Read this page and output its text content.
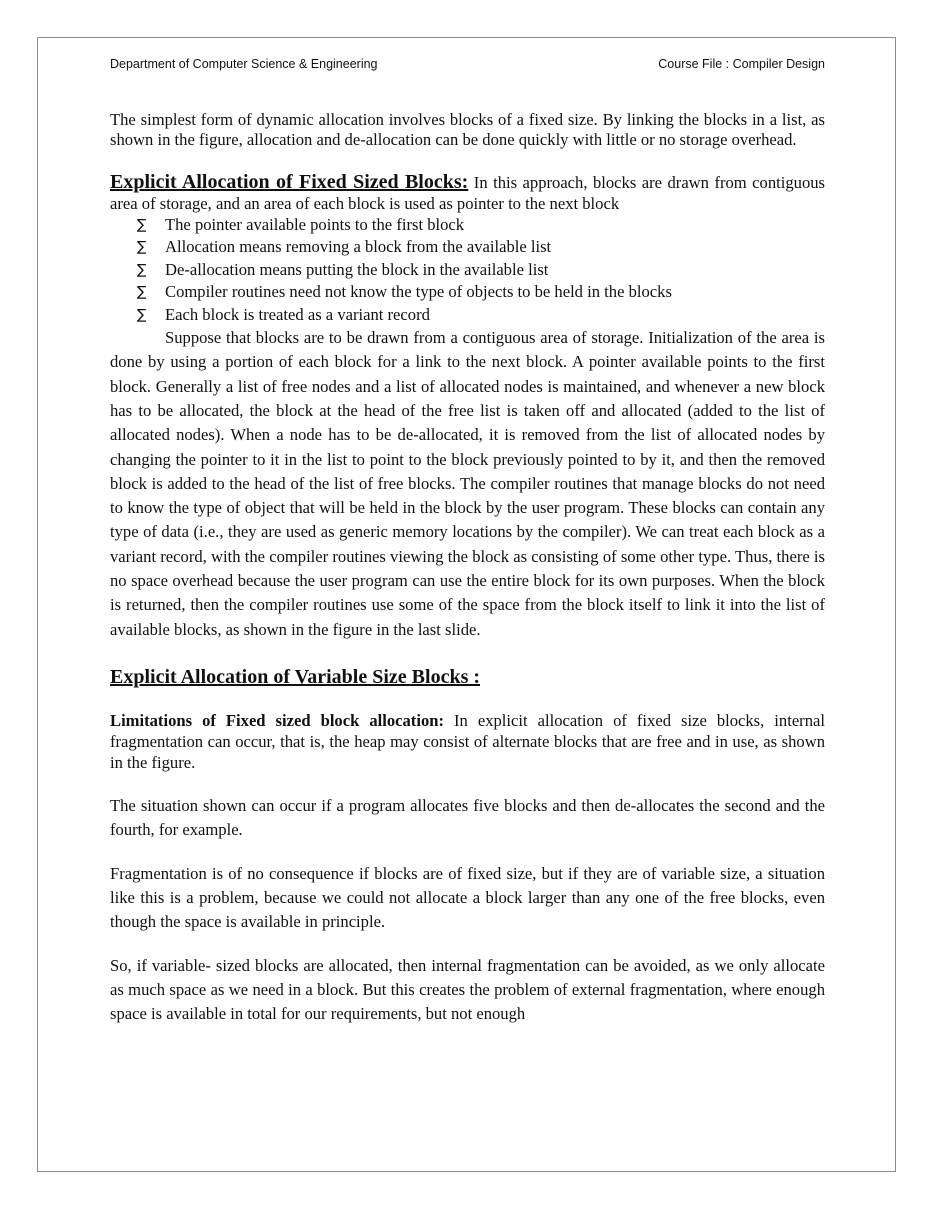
Department of Computer Science & Engineering	Course File : Compiler Design

The simplest form of dynamic allocation involves blocks of a fixed size. By linking the blocks in a list, as shown in the figure, allocation and de-allocation can be done quickly with little or no storage overhead.

Explicit Allocation of Fixed Sized Blocks: In this approach, blocks are drawn from contiguous area of storage, and an area of each block is used as pointer to the next block

∑ The pointer available points to the first block
∑ Allocation means removing a block from the available list
∑ De-allocation means putting the block in the available list
∑ Compiler routines need not know the type of objects to be held in the blocks
∑ Each block is treated as a variant record

Suppose that blocks are to be drawn from a contiguous area of storage. Initialization of the area is done by using a portion of each block for a link to the next block. A pointer available points to the first block. Generally a list of free nodes and a list of allocated nodes is maintained, and whenever a new block has to be allocated, the block at the head of the free list is taken off and allocated (added to the list of allocated nodes). When a node has to be de-allocated, it is removed from the list of allocated nodes by changing the pointer to it in the list to point to the block previously pointed to by it, and then the removed block is added to the head of the list of free blocks. The compiler routines that manage blocks do not need to know the type of object that will be held in the block by the user program. These blocks can contain any type of data (i.e., they are used as generic memory locations by the compiler). We can treat each block as a variant record, with the compiler routines viewing the block as consisting of some other type. Thus, there is no space overhead because the user program can use the entire block for its own purposes. When the block is returned, then the compiler routines use some of the space from the block itself to link it into the list of available blocks, as shown in the figure in the last slide.

Explicit Allocation of Variable Size Blocks :

Limitations of Fixed sized block allocation: In explicit allocation of fixed size blocks, internal fragmentation can occur, that is, the heap may consist of alternate blocks that are free and in use, as shown in the figure.

The situation shown can occur if a program allocates five blocks and then de-allocates the second and the fourth, for example.

Fragmentation is of no consequence if blocks are of fixed size, but if they are of variable size, a situation like this is a problem, because we could not allocate a block larger than any one of the free blocks, even though the space is available in principle.

So, if variable- sized blocks are allocated, then internal fragmentation can be avoided, as we only allocate as much space as we need in a block. But this creates the problem of external fragmentation, where enough space is available in total for our requirements, but not enough
